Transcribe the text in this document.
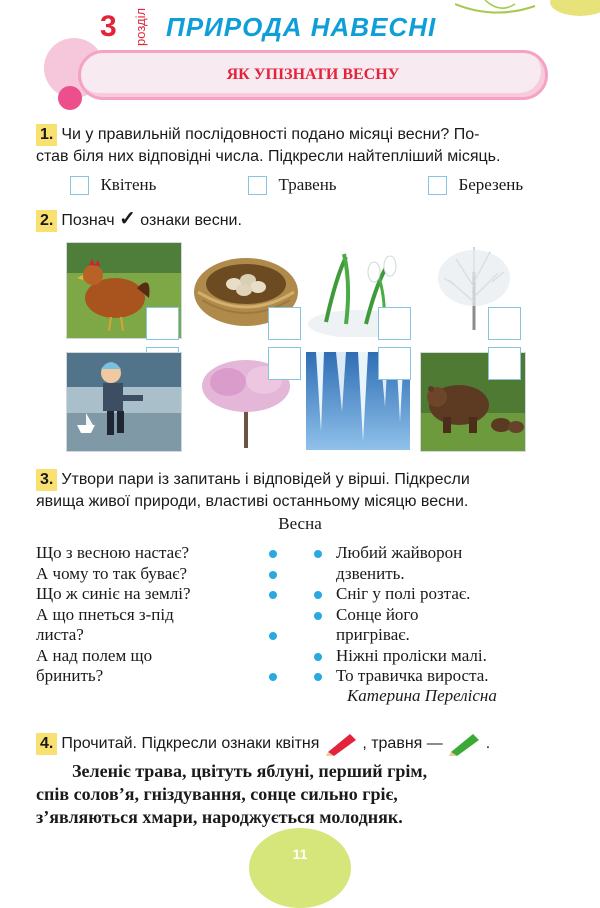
3 розділ ПРИРОДА НАВЕСНІ
ЯК УПІЗНАТИ ВЕСНУ
1. Чи у правильній послідовності подано місяці весни? По-
став біля них відповідні числа. Підкресли найтепліший місяць.
Квітень	Травень	Березень
2. Познач ✓ ознаки весни.
3. Утвори пари із запитань і відповідей у вірші. Підкресли
явища живої природи, властиві останньому місяцю весни.
Весна
Що з весною настає?
А чому то так буває?
Що ж синіє на землі?
А що пнеться з-під
листа?
А над полем що
бринить?
Любий жайворон
дзвенить.
Сніг у полі розтає.
Сонце його
пригріває.
Ніжні проліски малі.
То травичка вироста.
Катерина Перелісна
4. Прочитай. Підкресли ознаки квітня	, травня —	.
Зеленіє трава, цвітуть яблуні, перший грім,
спів солов’я, гніздування, сонце сильно гріє,
з’являються хмари, народжується молодняк.
11
